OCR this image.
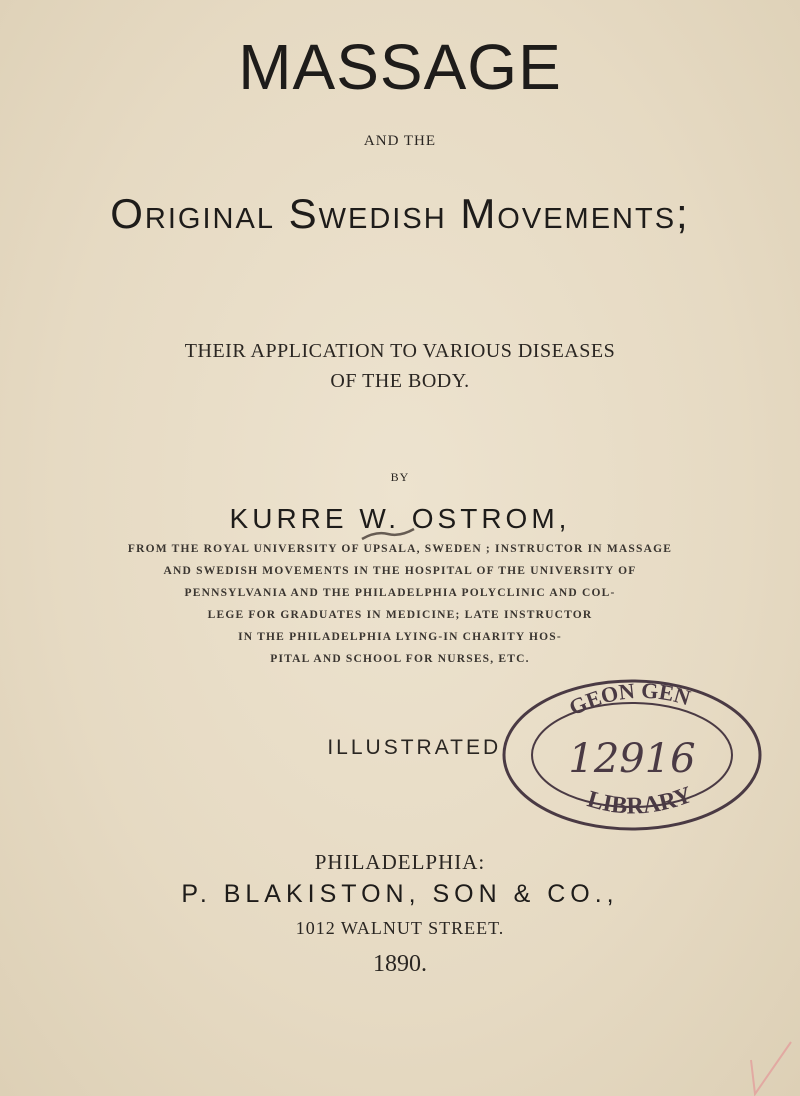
MASSAGE
AND THE
Original Swedish Movements;
THEIR APPLICATION TO VARIOUS DISEASES
OF THE BODY.
BY
KURRE W. OSTROM,
FROM THE ROYAL UNIVERSITY OF UPSALA, SWEDEN ; INSTRUCTOR IN MASSAGE
AND SWEDISH MOVEMENTS IN THE HOSPITAL OF THE UNIVERSITY OF
PENNSYLVANIA AND THE PHILADELPHIA POLYCLINIC AND COL-
LEGE FOR GRADUATES IN MEDICINE; LATE INSTRUCTOR
IN THE PHILADELPHIA LYING-IN CHARITY HOS-
PITAL AND SCHOOL FOR NURSES, ETC.
ILLUSTRATED.
GEON GEN
LIBRARY
12916
PHILADELPHIA:
P. BLAKISTON, SON & CO.,
1012 WALNUT STREET.
1890.
